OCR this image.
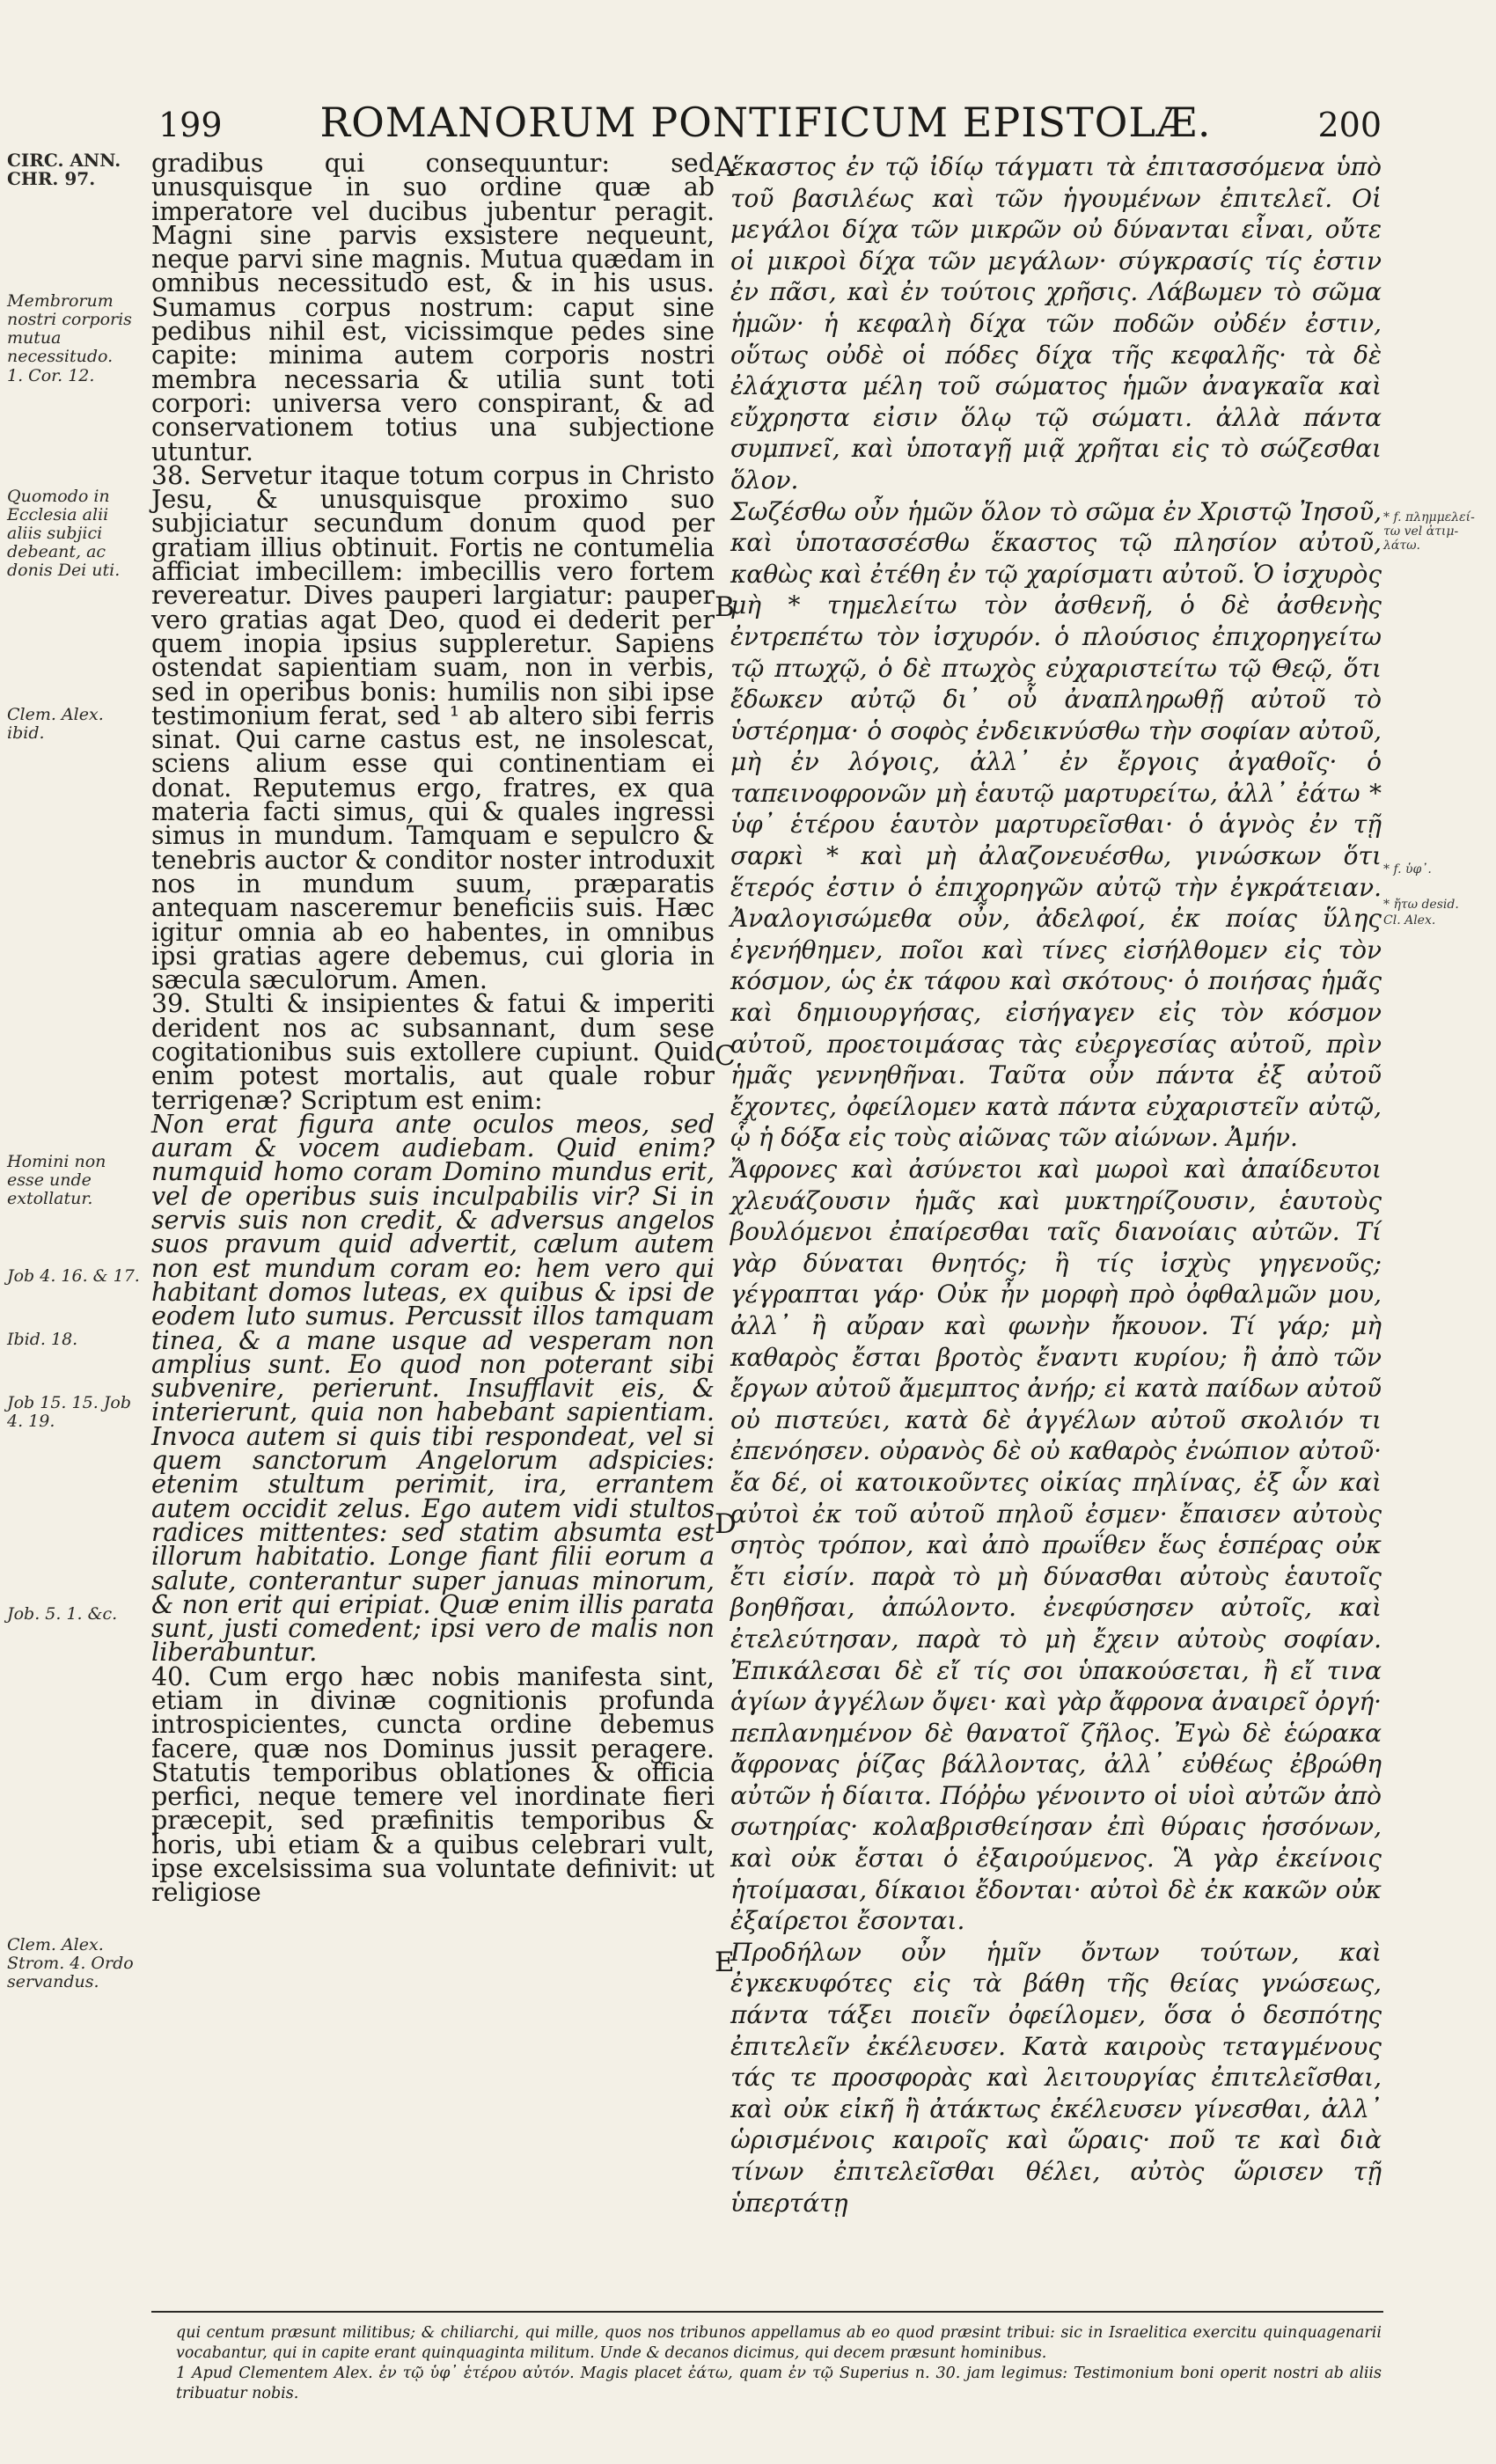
199	ROMANORUM PONTIFICUM EPISTOLÆ.	200
CIRC. ANN. CHR. 97.
Membrorum nostri corporis mutua necessitudo.
1. Cor. 12.
Quomodo in Ecclesia alii aliis subjici debeant, ac donis Dei uti.
Clem. Alex. ibid.
Homini non esse unde extollatur.
Job 4. 16. & 17.
Ibid. 18.
Job 15. 15. Job 4. 19.
Job. 5. 1. &c.
Clem. Alex. Strom. 4. Ordo servandus.

gradibus qui consequuntur: sed unusquisque in suo ordine quæ ab imperatore vel ducibus jubentur peragit. Magni sine parvis exsistere nequeunt, neque parvi sine magnis. Mutua quædam in omnibus necessitudo est, & in his usus. Sumamus corpus nostrum: caput sine pedibus nihil est, vicissimque pedes sine capite: minima autem corporis nostri membra necessaria & utilia sunt toti corpori: universa vero conspirant, & ad conservationem totius una subjectione utuntur.

38. Servetur itaque totum corpus in Christo Jesu, & unusquisque proximo suo subjiciatur secundum donum quod per gratiam illius obtinuit. Fortis ne contumelia afficiat imbecillem: imbecillis vero fortem revereatur. Dives pauperi largiatur: pauper vero gratias agat Deo, quod ei dederit per quem inopia ipsius suppleretur. Sapiens ostendat sapientiam suam, non in verbis, sed in operibus bonis: humilis non sibi ipse testimonium ferat, sed ¹ ab altero sibi ferris sinat. Qui carne castus est, ne insolescat, sciens alium esse qui continentiam ei donat. Reputemus ergo, fratres, ex qua materia facti simus, qui & quales ingressi simus in mundum. Tamquam e sepulcro & tenebris auctor & conditor noster introduxit nos in mundum suum, præparatis antequam nasceremur beneficiis suis. Hæc igitur omnia ab eo habentes, in omnibus ipsi gratias agere debemus, cui gloria in sæcula sæculorum. Amen.

39. Stulti & insipientes & fatui & imperiti derident nos ac subsannant, dum sese cogitationibus suis extollere cupiunt. Quid enim potest mortalis, aut quale robur terrigenæ? Scriptum est enim:

Non erat figura ante oculos meos, sed auram & vocem audiebam. Quid enim? numquid homo coram Domino mundus erit, vel de operibus suis inculpabilis vir? Si in servis suis non credit, & adversus angelos suos pravum quid advertit, cælum autem non est mundum coram eo: hem vero qui habitant domos luteas, ex quibus & ipsi de eodem luto sumus. Percussit illos tamquam tinea, & a mane usque ad vesperam non amplius sunt. Eo quod non poterant sibi subvenire, perierunt. Insufflavit eis, & interierunt, quia non habebant sapientiam. Invoca autem si quis tibi respondeat, vel si quem sanctorum Angelorum adspicies: etenim stultum perimit, ira, errantem autem occidit zelus. Ego autem vidi stultos radices mittentes: sed statim absumta est illorum habitatio. Longe fiant filii eorum a salute, conterantur super januas minorum, & non erit qui eripiat. Quæ enim illis parata sunt, justi comedent; ipsi vero de malis non liberabuntur.

40. Cum ergo hæc nobis manifesta sint, etiam in divinæ cognitionis profunda introspicientes, cuncta ordine debemus facere, quæ nos Dominus jussit peragere. Statutis temporibus oblationes & officia perfici, neque temere vel inordinate fieri præcepit, sed præfinitis temporibus & horis, ubi etiam & a quibus celebrari vult, ipse excelsissima sua voluntate definivit: ut religiose

A
B
C
D
E

ἕκαστος ἐν τῷ ἰδίῳ τάγματι τὰ ἐπιτασσόμενα ὑπὸ τοῦ βασιλέως καὶ τῶν ἡγουμένων ἐπιτελεῖ. Οἱ μεγάλοι δίχα τῶν μικρῶν οὐ δύνανται εἶναι, οὔτε οἱ μικροὶ δίχα τῶν μεγάλων· σύγκρασίς τίς ἐστιν ἐν πᾶσι, καὶ ἐν τούτοις χρῆσις. Λάβωμεν τὸ σῶμα ἡμῶν· ἡ κεφαλὴ δίχα τῶν ποδῶν οὐδέν ἐστιν, οὕτως οὐδὲ οἱ πόδες δίχα τῆς κεφαλῆς· τὰ δὲ ἐλάχιστα μέλη τοῦ σώματος ἡμῶν ἀναγκαῖα καὶ εὔχρηστα εἰσιν ὅλῳ τῷ σώματι. ἀλλὰ πάντα συμπνεῖ, καὶ ὑποταγῇ μιᾷ χρῆται εἰς τὸ σώζεσθαι ὅλον.

Σωζέσθω οὖν ἡμῶν ὅλον τὸ σῶμα ἐν Χριστῷ Ἰησοῦ, καὶ ὑποτασσέσθω ἕκαστος τῷ πλησίον αὐτοῦ, καθὼς καὶ ἐτέθη ἐν τῷ χαρίσματι αὐτοῦ. Ὁ ἰσχυρὸς μὴ * τημελείτω τὸν ἀσθενῆ, ὁ δὲ ἀσθενὴς ἐντρεπέτω τὸν ἰσχυρόν. ὁ πλούσιος ἐπιχορηγείτω τῷ πτωχῷ, ὁ δὲ πτωχὸς εὐχαριστείτω τῷ Θεῷ, ὅτι ἔδωκεν αὐτῷ δι᾽ οὗ ἀναπληρωθῇ αὐτοῦ τὸ ὑστέρημα· ὁ σοφὸς ἐνδεικνύσθω τὴν σοφίαν αὐτοῦ, μὴ ἐν λόγοις, ἀλλ᾽ ἐν ἔργοις ἀγαθοῖς· ὁ ταπεινοφρονῶν μὴ ἑαυτῷ μαρτυρείτω, ἀλλ᾽ ἐάτω * ὑφ᾽ ἑτέρου ἑαυτὸν μαρτυρεῖσθαι· ὁ ἁγνὸς ἐν τῇ σαρκὶ * καὶ μὴ ἀλαζονευέσθω, γινώσκων ὅτι ἕτερός ἐστιν ὁ ἐπιχορηγῶν αὐτῷ τὴν ἐγκράτειαν. Ἀναλογισώμεθα οὖν, ἀδελφοί, ἐκ ποίας ὕλης ἐγενήθημεν, ποῖοι καὶ τίνες εἰσήλθομεν εἰς τὸν κόσμον, ὡς ἐκ τάφου καὶ σκότους· ὁ ποιήσας ἡμᾶς καὶ δημιουργήσας, εἰσήγαγεν εἰς τὸν κόσμον αὐτοῦ, προετοιμάσας τὰς εὐεργεσίας αὐτοῦ, πρὶν ἡμᾶς γεννηθῆναι. Ταῦτα οὖν πάντα ἐξ αὐτοῦ ἔχοντες, ὀφείλομεν κατὰ πάντα εὐχαριστεῖν αὐτῷ, ᾧ ἡ δόξα εἰς τοὺς αἰῶνας τῶν αἰώνων. Ἀμήν.

Ἄφρονες καὶ ἀσύνετοι καὶ μωροὶ καὶ ἀπαίδευτοι χλευάζουσιν ἡμᾶς καὶ μυκτηρίζουσιν, ἑαυτοὺς βουλόμενοι ἐπαίρεσθαι ταῖς διανοίαις αὐτῶν. Τί γὰρ δύναται θνητός; ἢ τίς ἰσχὺς γηγενοῦς; γέγραπται γάρ· Οὐκ ἦν μορφὴ πρὸ ὀφθαλμῶν μου, ἀλλ᾽ ἢ αὔραν καὶ φωνὴν ἤκουον. Τί γάρ; μὴ καθαρὸς ἔσται βροτὸς ἔναντι κυρίου; ἢ ἀπὸ τῶν ἔργων αὐτοῦ ἄμεμπτος ἀνήρ; εἰ κατὰ παίδων αὐτοῦ οὐ πιστεύει, κατὰ δὲ ἀγγέλων αὐτοῦ σκολιόν τι ἐπενόησεν. οὐρανὸς δὲ οὐ καθαρὸς ἐνώπιον αὐτοῦ· ἔα δέ, οἱ κατοικοῦντες οἰκίας πηλίνας, ἐξ ὧν καὶ αὐτοὶ ἐκ τοῦ αὐτοῦ πηλοῦ ἐσμεν· ἔπαισεν αὐτοὺς σητὸς τρόπον, καὶ ἀπὸ πρωΐθεν ἕως ἑσπέρας οὐκ ἔτι εἰσίν. παρὰ τὸ μὴ δύνασθαι αὐτοὺς ἑαυτοῖς βοηθῆσαι, ἀπώλοντο. ἐνεφύσησεν αὐτοῖς, καὶ ἐτελεύτησαν, παρὰ τὸ μὴ ἔχειν αὐτοὺς σοφίαν. Ἐπικάλεσαι δὲ εἴ τίς σοι ὑπακούσεται, ἢ εἴ τινα ἁγίων ἀγγέλων ὄψει· καὶ γὰρ ἄφρονα ἀναιρεῖ ὀργή· πεπλανημένον δὲ θανατοῖ ζῆλος. Ἐγὼ δὲ ἑώρακα ἄφρονας ῥίζας βάλλοντας, ἀλλ᾽ εὐθέως ἐβρώθη αὐτῶν ἡ δίαιτα. Πόῤῥω γένοιντο οἱ υἱοὶ αὐτῶν ἀπὸ σωτηρίας· κολαβρισθείησαν ἐπὶ θύραις ἡσσόνων, καὶ οὐκ ἔσται ὁ ἐξαιρούμενος. Ἃ γὰρ ἐκείνοις ἡτοίμασαι, δίκαιοι ἔδονται· αὐτοὶ δὲ ἐκ κακῶν οὐκ ἐξαίρετοι ἔσονται.

Προδήλων οὖν ἡμῖν ὄντων τούτων, καὶ ἐγκεκυφότες εἰς τὰ βάθη τῆς θείας γνώσεως, πάντα τάξει ποιεῖν ὀφείλομεν, ὅσα ὁ δεσπότης ἐπιτελεῖν ἐκέλευσεν. Κατὰ καιροὺς τεταγμένους τάς τε προσφορὰς καὶ λειτουργίας ἐπιτελεῖσθαι, καὶ οὐκ εἰκῆ ἢ ἀτάκτως ἐκέλευσεν γίνεσθαι, ἀλλ᾽ ὡρισμένοις καιροῖς καὶ ὥραις· ποῦ τε καὶ διὰ τίνων ἐπιτελεῖσθαι θέλει, αὐτὸς ὥρισεν τῇ ὑπερτάτῃ

* f. πλημμελεί-
τω vel ἀτιμ-
λάτω.
* f. ὑφ᾽.
* ἤτω desid.
Cl. Alex.

qui centum præsunt militibus; & chiliarchi, qui mille, quos nos tribunos appellamus ab eo quod præsint tribui: sic in Israelitica exercitu quinquagenarii vocabantur, qui in capite erant quinquaginta militum. Unde & decanos dicimus, qui decem præsunt hominibus.

1 Apud Clementem Alex. ἐν τῷ ὑφ᾽ ἑτέρου αὐτόν. Magis placet ἐάτω, quam ἐν τῷ Superius n. 30. jam legimus: Testimonium boni operit nostri ab aliis tribuatur nobis.
